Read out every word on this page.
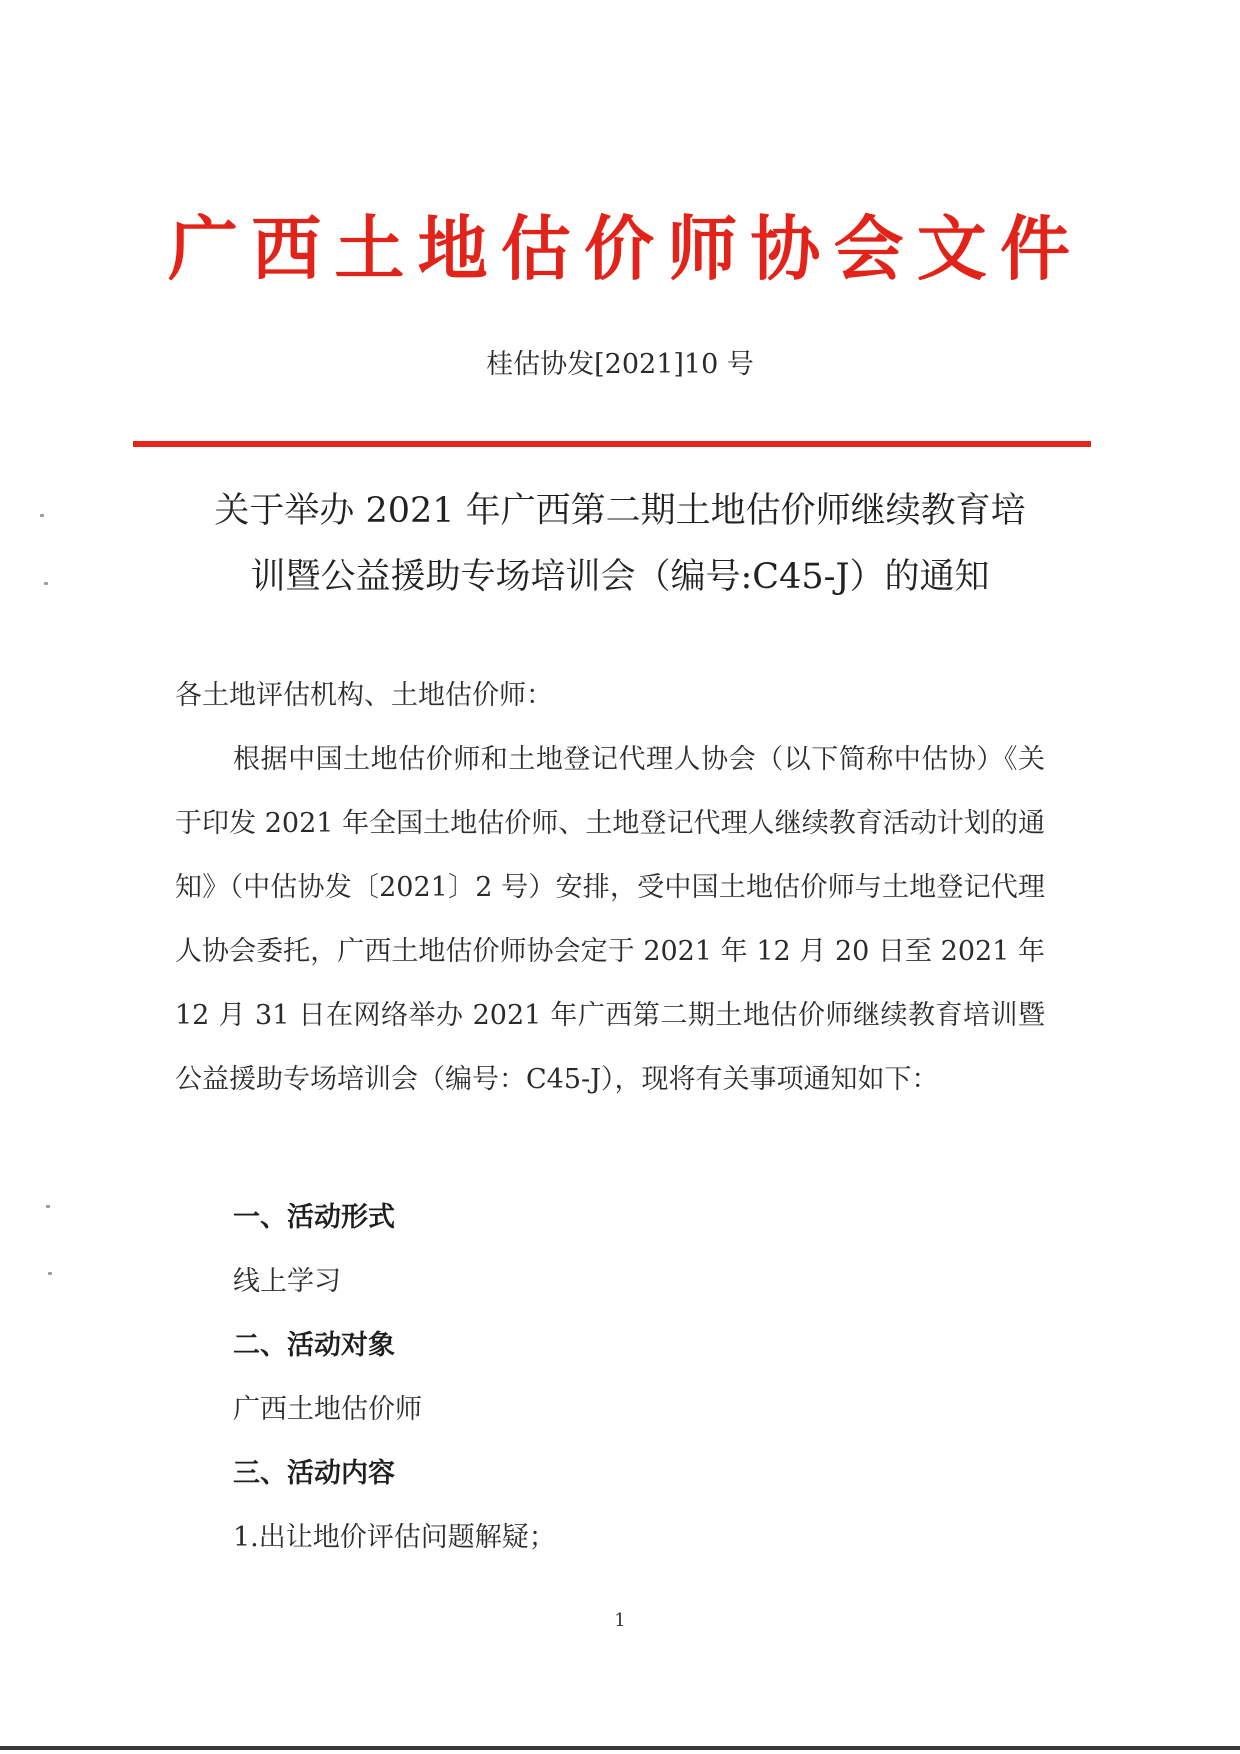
广西土地估价师协会文件
桂估协发[2021]10 号
关于举办 2021 年广西第二期土地估价师继续教育培
训暨公益援助专场培训会（编号:C45-J）的通知
各土地评估机构、土地估价师：
根据中国土地估价师和土地登记代理人协会（以下简称中估协）《关于印发 2021 年全国土地估价师、土地登记代理人继续教育活动计划的通知》（中估协发〔2021〕2 号）安排，受中国土地估价师与土地登记代理人协会委托，广西土地估价师协会定于 2021 年 12 月 20 日至 2021 年 12 月 31 日在网络举办 2021 年广西第二期土地估价师继续教育培训暨公益援助专场培训会（编号：C45-J），现将有关事项通知如下：
一、活动形式
线上学习
二、活动对象
广西土地估价师
三、活动内容
1.出让地价评估问题解疑；
1
